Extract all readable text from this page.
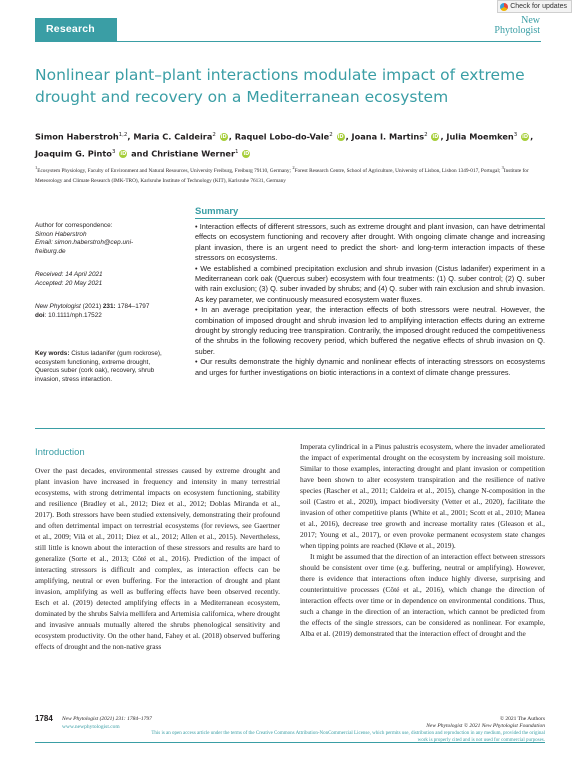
Research
Check for updates
New
Phytologist
Nonlinear plant–plant interactions modulate impact of extreme drought and recovery on a Mediterranean ecosystem
Simon Haberstroh$^{1,2}$, Maria C. Caldeira$^2$ iD , Raquel Lobo-do-Vale$^2$ iD , Joana I. Martins$^2$ iD , Julia Moemken$^3$ iD ,
Joaquim G. Pinto$^3$ iD and Christiane Werner$^1$ iD
$^1$Ecosystem Physiology, Faculty of Environment and Natural Resources, University Freiburg, Freiburg 79110, Germany; $^2$Forest Research Centre, School of Agriculture, University of Lisbon, Lisbon 1349-017, Portugal; $^3$Institute for Meteorology and Climate Research (IMK-TRO), Karlsruhe Institute of Technology (KIT), Karlsruhe 76131, Germany
Author for correspondence:
Simon Haberstroh
Email: simon.haberstroh@cep.uni-freiburg.de
Received: 14 April 2021
Accepted: 20 May 2021
New Phytologist (2021) 231: 1784–1797
doi: 10.1111/nph.17522
Key words: Cistus ladanifer (gum rockrose), ecosystem functioning, extreme drought, Quercus suber (cork oak), recovery, shrub invasion, stress interaction.
Summary

• Interaction effects of different stressors, such as extreme drought and plant invasion, can have detrimental effects on ecosystem functioning and recovery after drought. With ongoing climate change and increasing plant invasion, there is an urgent need to predict the short- and long-term interaction impacts of these stressors on ecosystems.

• We established a combined precipitation exclusion and shrub invasion (Cistus ladanifer) experiment in a Mediterranean cork oak (Quercus suber) ecosystem with four treatments: (1) Q. suber control; (2) Q. suber with rain exclusion; (3) Q. suber invaded by shrubs; and (4) Q. suber with rain exclusion and shrub invasion. As key parameter, we continuously measured ecosystem water fluxes.

• In an average precipitation year, the interaction effects of both stressors were neutral. However, the combination of imposed drought and shrub invasion led to amplifying interaction effects during an extreme drought by strongly reducing tree transpiration. Contrarily, the imposed drought reduced the competitiveness of the shrubs in the following recovery period, which buffered the negative effects of shrub invasion on Q. suber.

• Our results demonstrate the highly dynamic and nonlinear effects of interacting stressors on ecosystems and urges for further investigations on biotic interactions in a context of climate change pressures.

Introduction

Over the past decades, environmental stresses caused by extreme drought and plant invasion have increased in frequency and intensity in many terrestrial ecosystems, with strong detrimental impacts on ecosystem functioning, stability and resilience (Bradley et al., 2012; Diez et al., 2012; Doblas Miranda et al., 2017). Both stressors have been studied extensively, demonstrating their profound and often detrimental impact on terrestrial ecosystems (for reviews, see Gaertner et al., 2009; Vilà et al., 2011; Diez et al., 2012; Allen et al., 2015). Nevertheless, still little is known about the interaction of these stressors and results are hard to generalize (Sorte et al., 2013; Côté et al., 2016). Prediction of the impact of interacting stressors is difficult and complex, as interaction effects can be amplifying, neutral or even buffering. For the interaction of drought and plant invasion, amplifying as well as buffering effects have been observed recently. Esch et al. (2019) detected amplifying effects in a Mediterranean ecosystem, dominated by the shrubs Salvia mellifera and Artemisia californica, where drought and invasive annuals mutually altered the shrubs phenological sensitivity and ecosystem productivity. On the other hand, Fahey et al. (2018) observed buffering effects of drought and the non-native grass

Imperata cylindrical in a Pinus palustris ecosystem, where the invader ameliorated the impact of experimental drought on the ecosystem by increasing soil moisture. Similar to those examples, interacting drought and plant invasion or competition have been shown to alter ecosystem transpiration and the resilience of native species (Rascher et al., 2011; Caldeira et al., 2015), change N-composition in the soil (Castro et al., 2020), impact biodiversity (Vetter et al., 2020), facilitate the invasion of other competitive plants (White et al., 2001; Scott et al., 2010; Manea et al., 2016), decrease tree growth and increase mortality rates (Gleason et al., 2017; Young et al., 2017), or even provoke permanent ecosystem state changes when tipping points are reached (Kløve et al., 2019).

It might be assumed that the direction of an interaction effect between stressors should be consistent over time (e.g. buffering, neutral or amplifying). However, there is evidence that interactions often induce highly diverse, surprising and counterintuitive processes (Côté et al., 2016), which change the direction of interaction effects over time or in dependence on environmental conditions. Thus, such a change in the direction of an interaction, which cannot be predicted from the effects of the single stressors, can be considered as nonlinear. For example, Alba et al. (2019) demonstrated that the interaction effect of drought and the

1784 New Phytologist (2021) 231: 1784–1797
www.newphytologist.com
© 2021 The Authors
New Phytologist © 2021 New Phytologist Foundation
This is an open access article under the terms of the Creative Commons Attribution-NonCommercial License, which permits use, distribution and reproduction in any medium, provided the original work is properly cited and is not used for commercial purposes.
